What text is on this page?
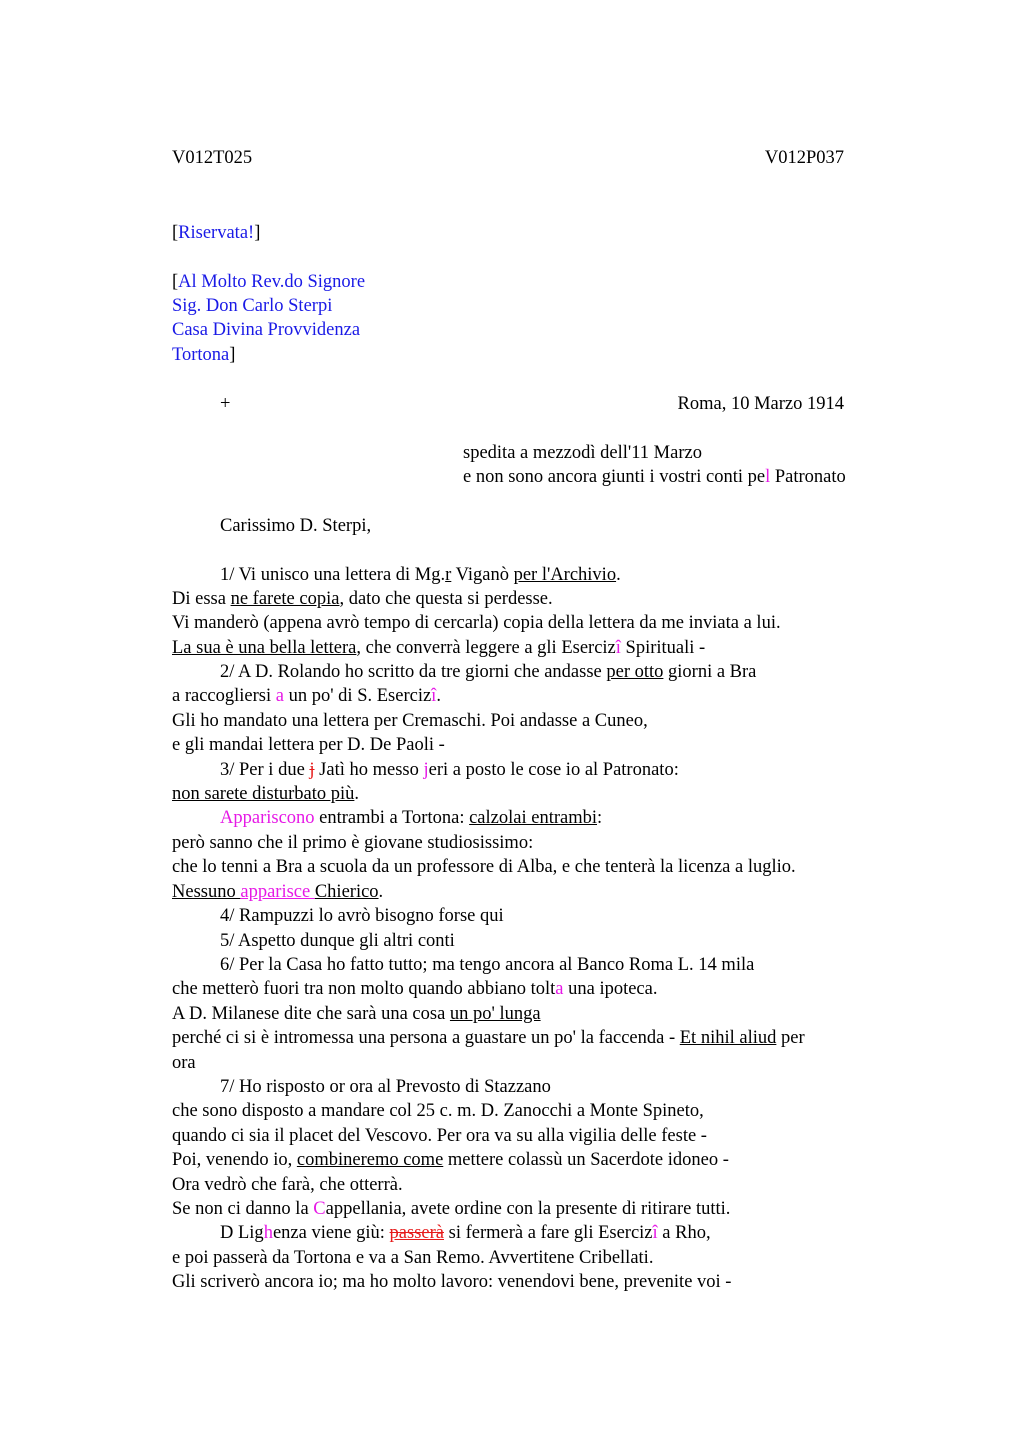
V012T025	V012P037
[Riservata!]
[Al Molto Rev.do Signore
Sig. Don Carlo Sterpi
Casa Divina Provvidenza
Tortona]
+	Roma, 10 Marzo 1914
spedita a mezzodì dell'11 Marzo
e non sono ancora giunti i vostri conti pel Patronato
Carissimo D. Sterpi,
1/ Vi unisco una lettera di Mg.r Viganò per l'Archivio.
Di essa ne farete copia, dato che questa si perdesse.
Vi manderò (appena avrò tempo di cercarla) copia della lettera da me inviata a lui.
La sua è una bella lettera, che converrà leggere a gli Esercizî Spirituali -
2/ A D. Rolando ho scritto da tre giorni che andasse per otto giorni a Bra
a raccogliersi a un po' di S. Esercizî.
Gli ho mandato una lettera per Cremaschi. Poi andasse a Cuneo,
e gli mandai lettera per D. De Paoli -
3/ Per i due j Jatì ho messo jeri a posto le cose io al Patronato:
non sarete disturbato più.
Appariscono entrambi a Tortona: calzolai entrambi:
però sanno che il primo è giovane studiosissimo:
che lo tenni a Bra a scuola da un professore di Alba, e che tenterà la licenza a luglio.
Nessuno apparisce Chierico.
4/ Rampuzzi lo avrò bisogno forse qui
5/ Aspetto dunque gli altri conti
6/ Per la Casa ho fatto tutto; ma tengo ancora al Banco Roma L. 14 mila
che metterò fuori tra non molto quando abbiano tolta una ipoteca.
A D. Milanese dite che sarà una cosa un po' lunga
perché ci si è intromessa una persona a guastare un po' la faccenda - Et nihil aliud per
ora
7/ Ho risposto or ora al Prevosto di Stazzano
che sono disposto a mandare col 25 c. m. D. Zanocchi a Monte Spineto,
quando ci sia il placet del Vescovo. Per ora va su alla vigilia delle feste -
Poi, venendo io, combineremo come mettere colassù un Sacerdote idoneo -
Ora vedrò che farà, che otterrà.
Se non ci danno la Cappellania, avete ordine con la presente di ritirare tutti.
D Lighenza viene giù: passerà si fermerà a fare gli Esercizî a Rho,
e poi passerà da Tortona e va a San Remo. Avvertitene Cribellati.
Gli scriverò ancora io; ma ho molto lavoro: venendovi bene, prevenite voi -
